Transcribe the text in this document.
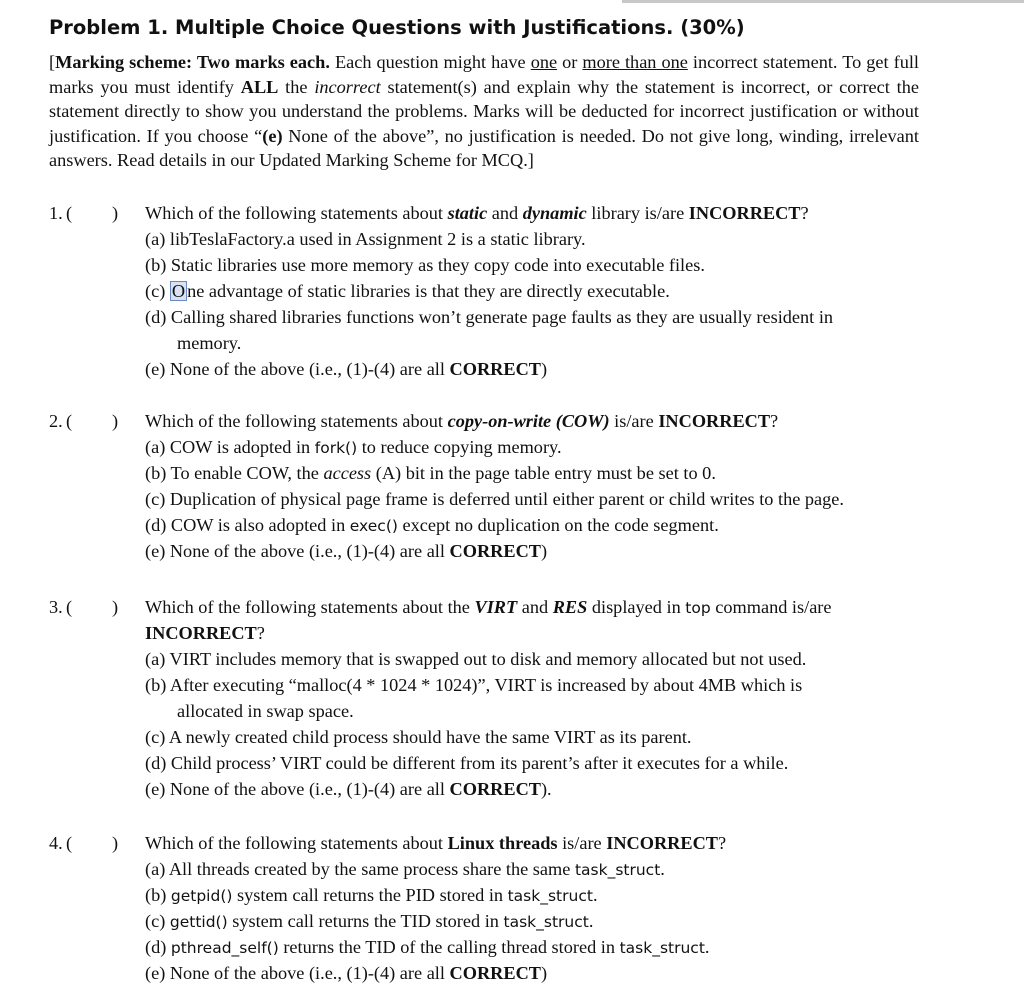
Problem 1. Multiple Choice Questions with Justifications. (30%)
[Marking scheme: Two marks each. Each question might have one or more than one incorrect statement. To get full marks you must identify ALL the incorrect statement(s) and explain why the statement is incorrect, or correct the statement directly to show you understand the problems. Marks will be deducted for incorrect justification or without justification. If you choose “(e) None of the above”, no justification is needed. Do not give long, winding, irrelevant answers. Read details in our Updated Marking Scheme for MCQ.]
1. ( ) Which of the following statements about static and dynamic library is/are INCORRECT?
(a) libTeslaFactory.a used in Assignment 2 is a static library.
(b) Static libraries use more memory as they copy code into executable files.
(c) O ne advantage of static libraries is that they are directly executable.
(d) Calling shared libraries functions won’t generate page faults as they are usually resident in
memory.
(e) None of the above (i.e., (1)-(4) are all CORRECT)
2. ( ) Which of the following statements about copy-on-write (COW) is/are INCORRECT?
(a) COW is adopted in fork() to reduce copying memory.
(b) To enable COW, the access (A) bit in the page table entry must be set to 0.
(c) Duplication of physical page frame is deferred until either parent or child writes to the page.
(d) COW is also adopted in exec() except no duplication on the code segment.
(e) None of the above (i.e., (1)-(4) are all CORRECT)
3. ( ) Which of the following statements about the VIRT and RES displayed in top command is/are
INCORRECT?
(a) VIRT includes memory that is swapped out to disk and memory allocated but not used.
(b) After executing “malloc(4 * 1024 * 1024)”, VIRT is increased by about 4MB which is
allocated in swap space.
(c) A newly created child process should have the same VIRT as its parent.
(d) Child process’ VIRT could be different from its parent’s after it executes for a while.
(e) None of the above (i.e., (1)-(4) are all CORRECT).
4. ( ) Which of the following statements about Linux threads is/are INCORRECT?
(a) All threads created by the same process share the same task_struct.
(b) getpid() system call returns the PID stored in task_struct.
(c) gettid() system call returns the TID stored in task_struct.
(d) pthread_self() returns the TID of the calling thread stored in task_struct.
(e) None of the above (i.e., (1)-(4) are all CORRECT)
